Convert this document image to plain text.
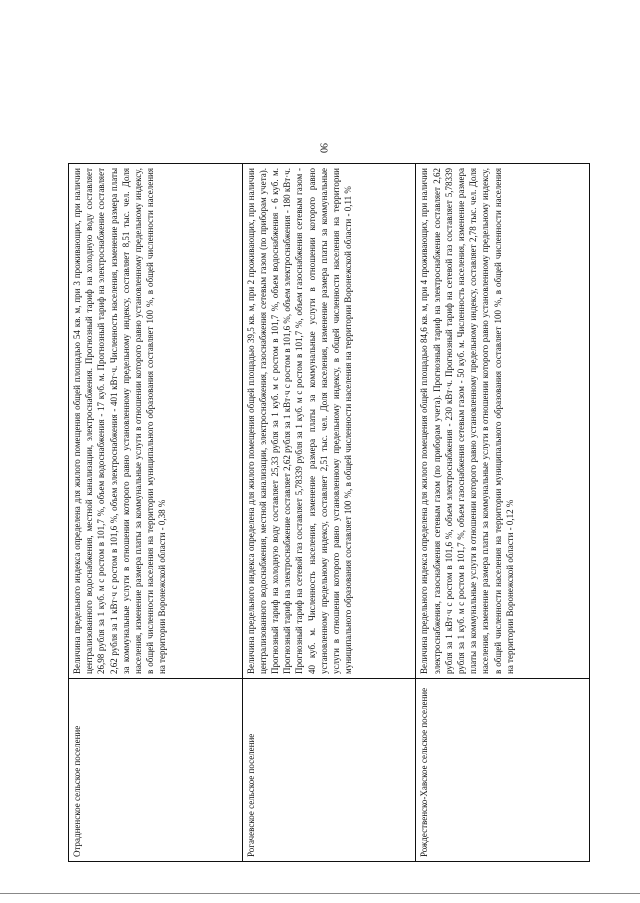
90
Отрадненское сельское поселение
Величина предельного индекса определена для жилого помещения общей площадью 54 кв. м, при 3 проживающих, при наличии централизованного водоснабжения, местной канализации, электроснабжения. Прогнозный тариф на холодную воду составляет 26,98 рубля за 1 куб. м с ростом в 101,7 %, объем водоснабжения - 17 куб. м. Прогнозный тариф на электроснабжение составляет 2,62 рубля за 1 кВт·ч с ростом в 101,6 %, объем электроснабжения - 401 кВт·ч. Численность населения, изменение размера платы за коммунальные услуги в отношении которого равно установленному предельному индексу, составляет 8,51 тыс. чел. Доля населения, изменение размера платы за коммунальные услуги в отношении которого равно установленному предельному индексу, в общей численности населения на территории муниципального образования составляет 100 %, в общей численности населения на территории Воронежской области - 0,38 %
Рогачевское сельское поселение
Величина предельного индекса определена для жилого помещения общей площадью 39,5 кв. м, при 2 проживающих, при наличии централизованного водоснабжения, местной канализации, электроснабжения, газоснабжения сетевым газом (по приборам учета). Прогнозный тариф на холодную воду составляет 25,33 рубля за 1 куб. м с ростом в 101,7 %, объем водоснабжения - 6 куб. м. Прогнозный тариф на электроснабжение составляет 2,62 рубля за 1 кВт·ч с ростом в 101,6 %, объем электроснабжения - 180 кВт·ч. Прогнозный тариф на сетевой газ составляет 5,78339 рубля за 1 куб. м с ростом в 101,7 %, объем газоснабжения сетевым газом - 40 куб. м. Численность населения, изменение размера платы за коммунальные услуги в отношении которого равно установленному предельному индексу, составляет 2,51 тыс. чел. Доля населения, изменение размера платы за коммунальные услуги в отношении которого равно установленному предельному индексу, в общей численности населения на территории муниципального образования составляет 100 %, в общей численности населения на территории Воронежской области - 0,11 %
Рождественско-Хавское сельское поселение
Величина предельного индекса определена для жилого помещения общей площадью 84,6 кв. м, при 4 проживающих, при наличии электроснабжения, газоснабжения сетевым газом (по приборам учета). Прогнозный тариф на электроснабжение составляет 2,62 рубля за 1 кВт·ч с ростом в 101,6 %, объем электроснабжения - 230 кВт·ч. Прогнозный тариф на сетевой газ составляет 5,78339 рубля за 1 куб. м с ростом в 101,7 %, объем газоснабжения сетевым газом - 50 куб. м. Численность населения, изменение размера платы за коммунальные услуги в отношении которого равно установленному предельному индексу, составляет 2,78 тыс. чел. Доля населения, изменение размера платы за коммунальные услуги в отношении которого равно установленному предельному индексу, в общей численности населения на территории муниципального образования составляет 100 %, в общей численности населения на территории Воронежской области - 0,12 %
